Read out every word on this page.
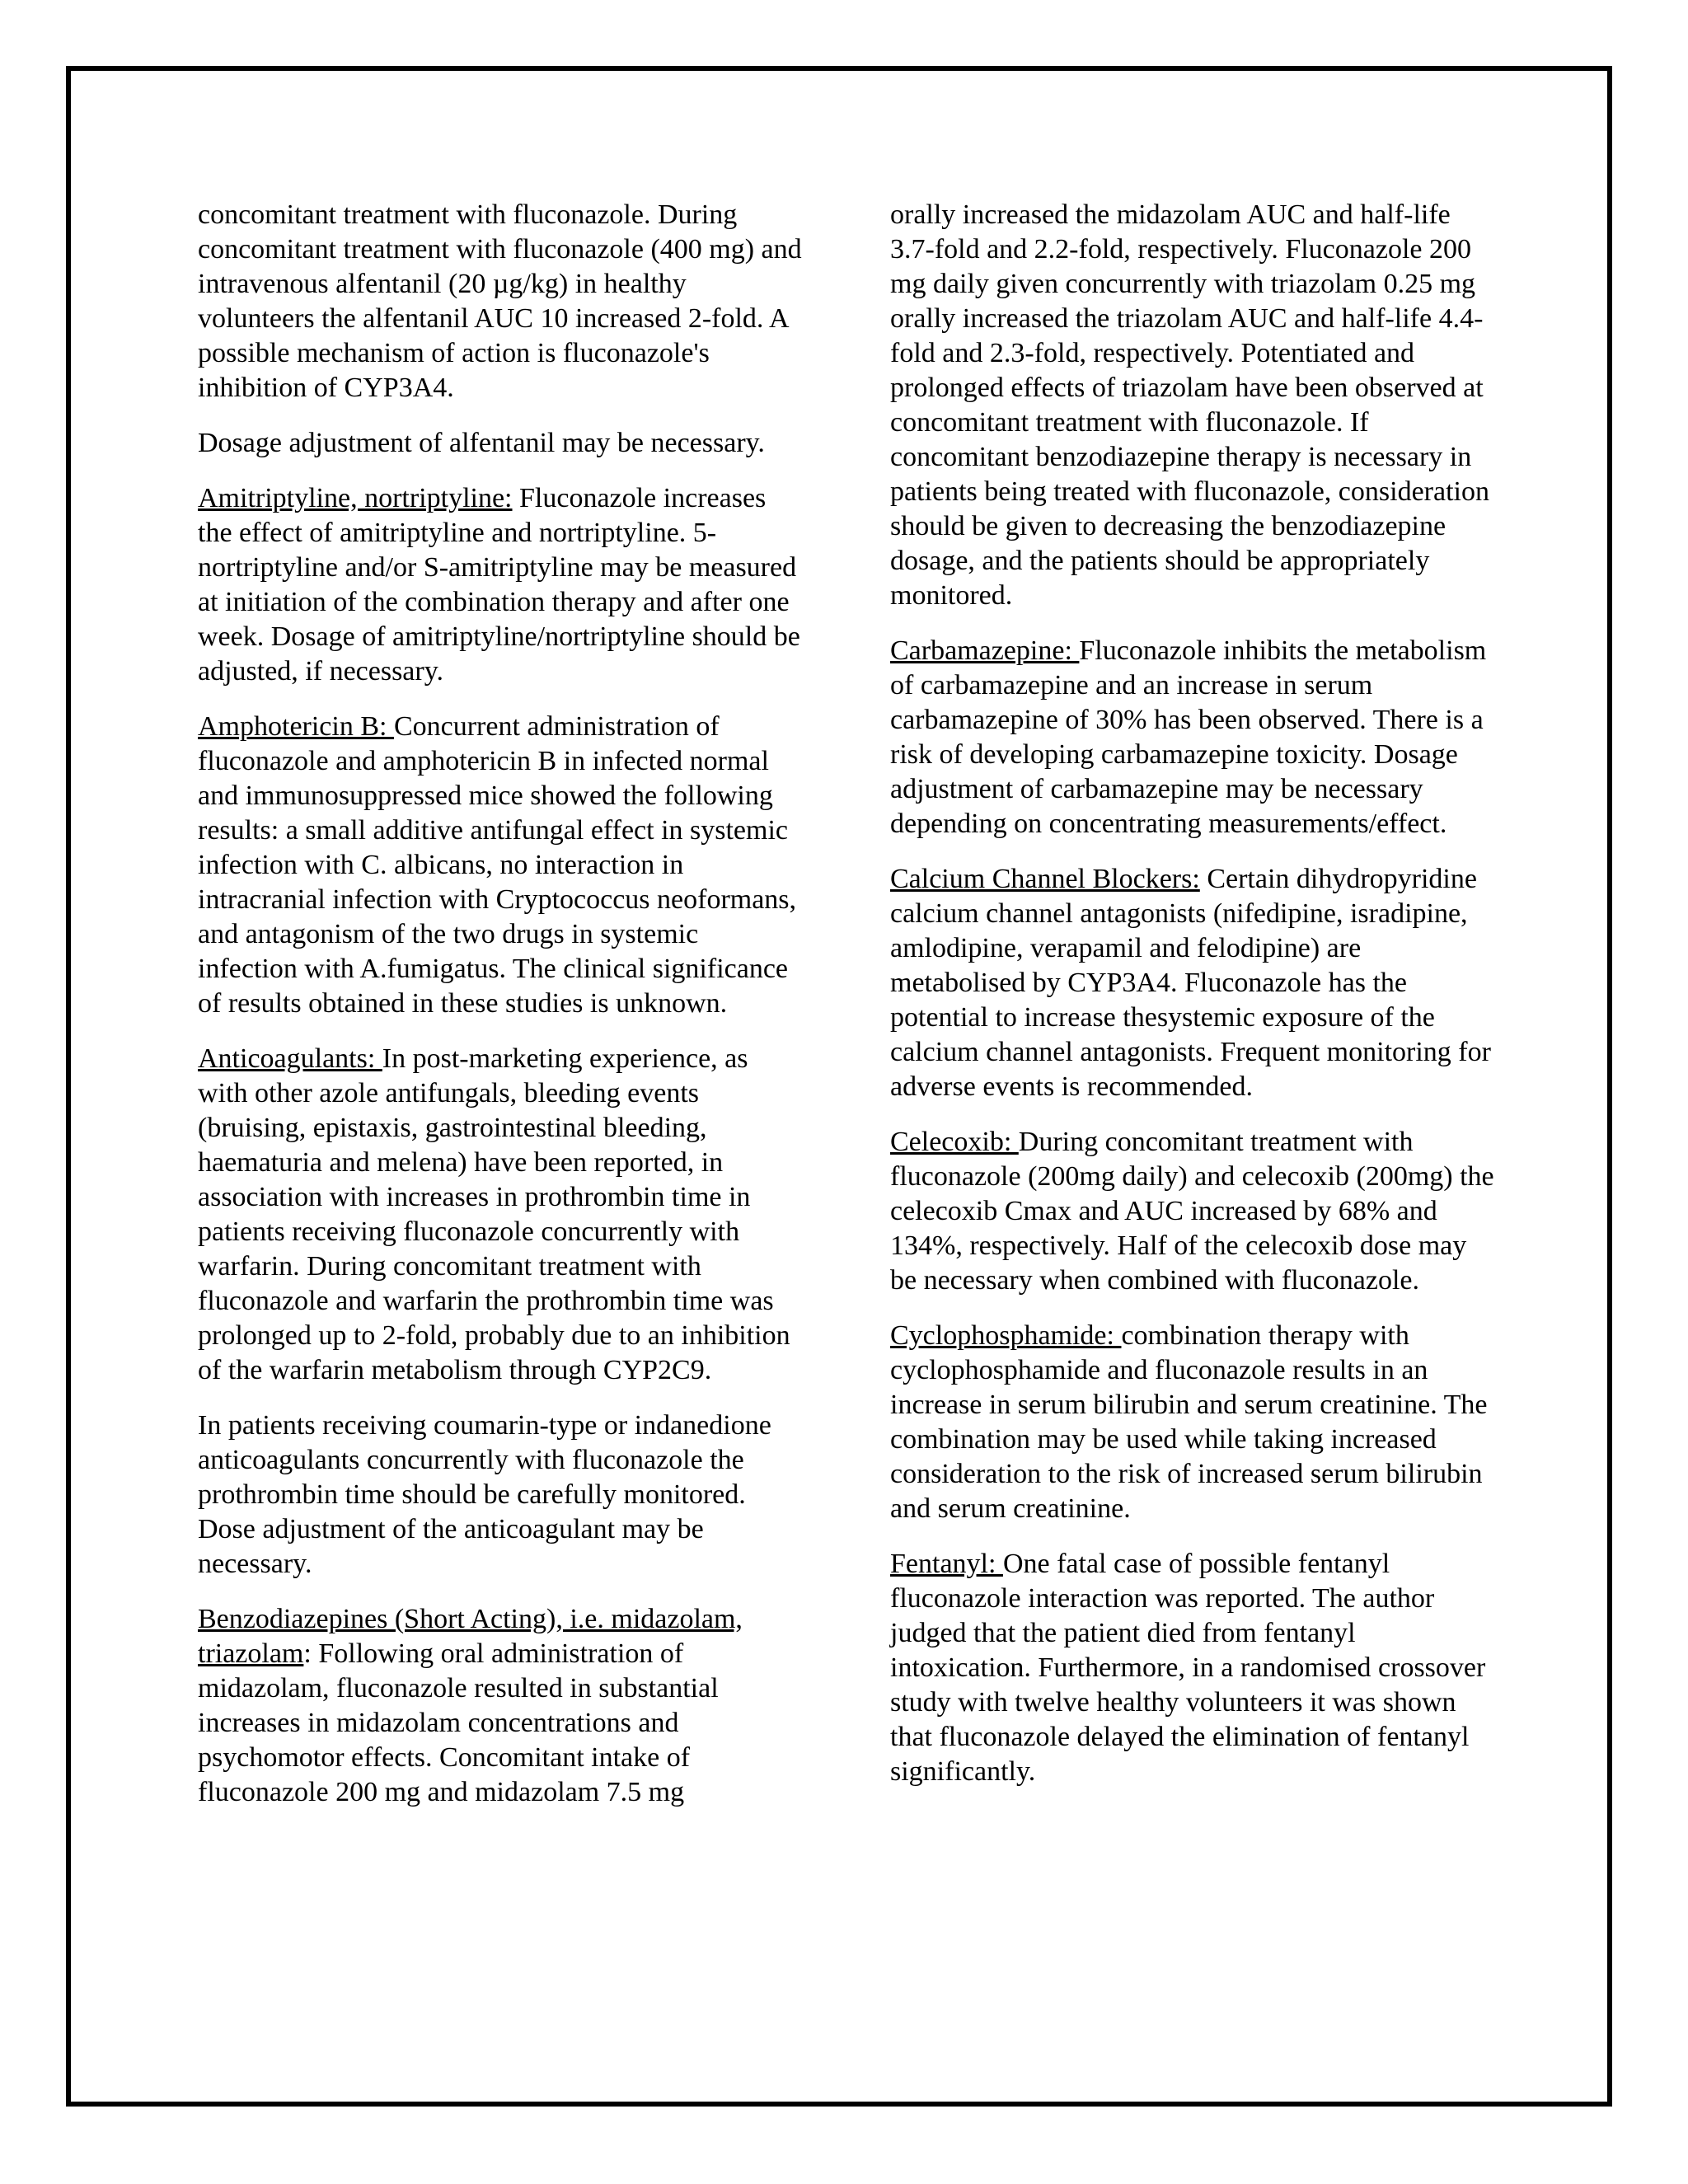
concomitant treatment with fluconazole. During concomitant treatment with fluconazole (400 mg) and intravenous alfentanil (20 µg/kg) in healthy volunteers the alfentanil AUC 10 increased 2-fold. A possible mechanism of action is fluconazole's inhibition of CYP3A4.

Dosage adjustment of alfentanil may be necessary.

Amitriptyline, nortriptyline: Fluconazole increases the effect of amitriptyline and nortriptyline. 5- nortriptyline and/or S-amitriptyline may be measured at initiation of the combination therapy and after one week. Dosage of amitriptyline/nortriptyline should be adjusted, if necessary.

Amphotericin B: Concurrent administration of fluconazole and amphotericin B in infected normal and immunosuppressed mice showed the following results: a small additive antifungal effect in systemic infection with C. albicans, no interaction in intracranial infection with Cryptococcus neoformans, and antagonism of the two drugs in systemic infection with A.fumigatus. The clinical significance of results obtained in these studies is unknown.

Anticoagulants: In post-marketing experience, as with other azole antifungals, bleeding events (bruising, epistaxis, gastrointestinal bleeding, haematuria and melena) have been reported, in association with increases in prothrombin time in patients receiving fluconazole concurrently with warfarin. During concomitant treatment with fluconazole and warfarin the prothrombin time was prolonged up to 2-fold, probably due to an inhibition of the warfarin metabolism through CYP2C9.

In patients receiving coumarin-type or indanedione anticoagulants concurrently with fluconazole the prothrombin time should be carefully monitored. Dose adjustment of the anticoagulant may be necessary.

Benzodiazepines (Short Acting), i.e. midazolam, triazolam: Following oral administration of midazolam, fluconazole resulted in substantial increases in midazolam concentrations and psychomotor effects. Concomitant intake of fluconazole 200 mg and midazolam 7.5 mg

orally increased the midazolam AUC and half-life 3.7-fold and 2.2-fold, respectively. Fluconazole 200 mg daily given concurrently with triazolam 0.25 mg orally increased the triazolam AUC and half-life 4.4- fold and 2.3-fold, respectively. Potentiated and prolonged effects of triazolam have been observed at concomitant treatment with fluconazole. If concomitant benzodiazepine therapy is necessary in patients being treated with fluconazole, consideration should be given to decreasing the benzodiazepine dosage, and the patients should be appropriately monitored.

Carbamazepine: Fluconazole inhibits the metabolism of carbamazepine and an increase in serum carbamazepine of 30% has been observed. There is a risk of developing carbamazepine toxicity. Dosage adjustment of carbamazepine may be necessary depending on concentrating measurements/effect.

Calcium Channel Blockers: Certain dihydropyridine calcium channel antagonists (nifedipine, isradipine, amlodipine, verapamil and felodipine) are metabolised by CYP3A4. Fluconazole has the potential to increase thesystemic exposure of the calcium channel antagonists. Frequent monitoring for adverse events is recommended.

Celecoxib: During concomitant treatment with fluconazole (200mg daily) and celecoxib (200mg) the celecoxib Cmax and AUC increased by 68% and 134%, respectively. Half of the celecoxib dose may be necessary when combined with fluconazole.

Cyclophosphamide: combination therapy with cyclophosphamide and fluconazole results in an increase in serum bilirubin and serum creatinine. The combination may be used while taking increased consideration to the risk of increased serum bilirubin and serum creatinine.

Fentanyl: One fatal case of possible fentanyl fluconazole interaction was reported. The author judged that the patient died from fentanyl intoxication. Furthermore, in a randomised crossover study with twelve healthy volunteers it was shown that fluconazole delayed the elimination of fentanyl significantly.
